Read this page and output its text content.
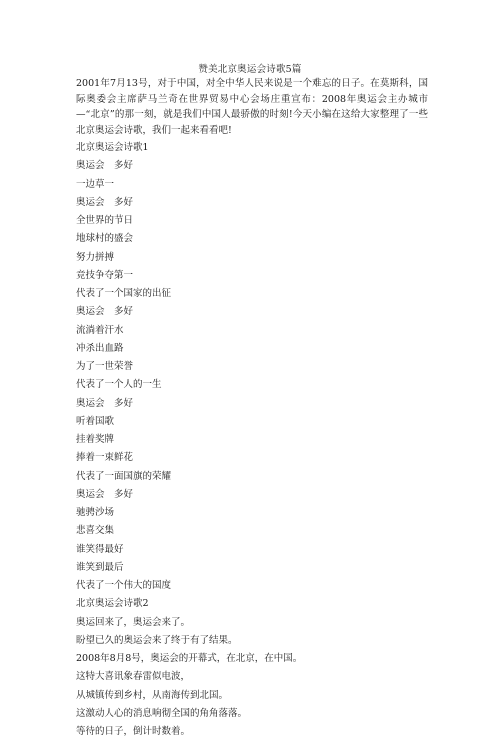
赞美北京奥运会诗歌5篇
2001年7月13号，对于中国，对全中华人民来说是一个难忘的日子。在莫斯科，国际奥委会主席萨马兰奇在世界贸易中心会场庄重宣布：2008年奥运会主办城市—“北京”的那一刻，就是我们中国人最骄傲的时刻!今天小编在这给大家整理了一些北京奥运会诗歌，我们一起来看看吧!
北京奥运会诗歌1
奥运会　多好
一边草一
奥运会　多好
全世界的节日
地球村的盛会
努力拼搏
竞技争夺第一
代表了一个国家的出征
奥运会　多好
流淌着汗水
冲杀出血路
为了一世荣誉
代表了一个人的一生
奥运会　多好
听着国歌
挂着奖牌
捧着一束鲜花
代表了一面国旗的荣耀
奥运会　多好
驰骋沙场
悲喜交集
谁笑得最好
谁笑到最后
代表了一个伟大的国度
北京奥运会诗歌2
奥运回来了，奥运会来了。
盼望已久的奥运会来了终于有了结果。
2008年8月8号，奥运会的开幕式，在北京，在中国。
这特大喜讯象春雷似电波，
从城镇传到乡村，从南海传到北国。
这激动人心的消息响彻全国的角角落落。
等待的日子，倒计时数着。
